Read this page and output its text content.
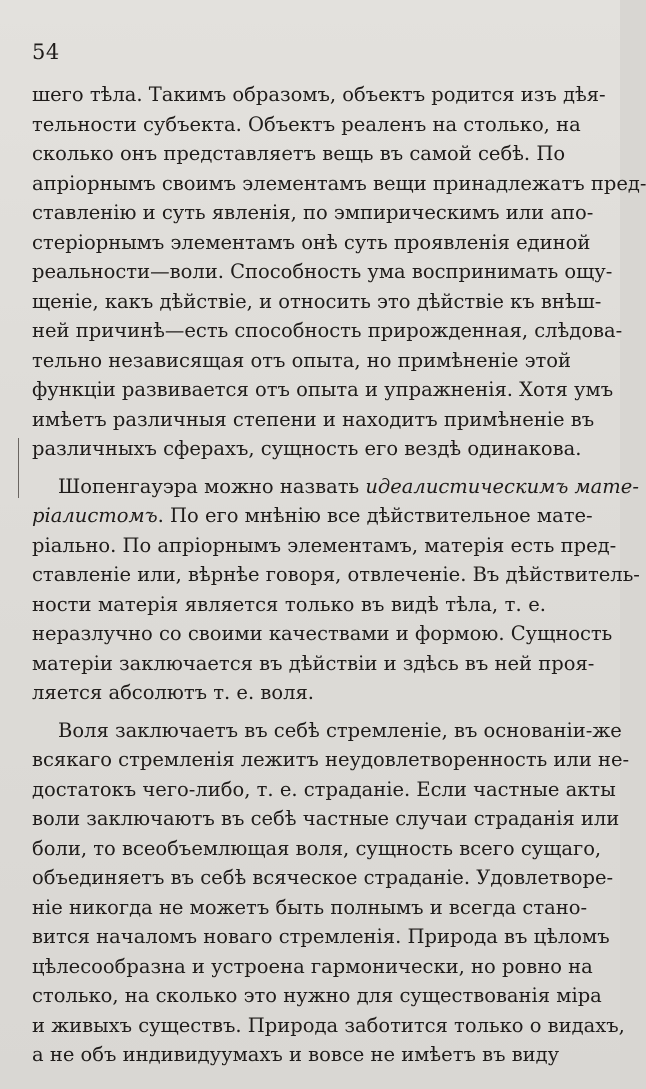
54
шего тѣла. Такимъ образомъ, объектъ родится изъ дѣя-
тельности субъекта. Объектъ реаленъ на столько, на
сколько онъ представляетъ вещь въ самой себѣ. По
апріорнымъ своимъ элементамъ вещи принадлежатъ пред-
ставленію и суть явленія, по эмпирическимъ или апо-
стеріорнымъ элементамъ онѣ суть проявленія единой
реальности—воли. Способность ума воспринимать ощу-
щеніе, какъ дѣйствіе, и относить это дѣйствіе къ внѣш-
ней причинѣ—есть способность прирожденная, слѣдова-
тельно независящая отъ опыта, но примѣненіе этой
функціи развивается отъ опыта и упражненія. Хотя умъ
имѣетъ различныя степени и находитъ примѣненіе въ
различныхъ сферахъ, сущность его вездѣ одинакова.
Шопенгауэра можно назвать идеалистическимъ мате-
ріалистомъ. По его мнѣнію все дѣйствительное мате-
ріально. По апріорнымъ элементамъ, матерія есть пред-
ставленіе или, вѣрнѣе говоря, отвлеченіе. Въ дѣйствитель-
ности матерія является только въ видѣ тѣла, т. е.
неразлучно со своими качествами и формою. Сущность
матеріи заключается въ дѣйствіи и здѣсь въ ней проя-
ляется абсолютъ т. е. воля.
Воля заключаетъ въ себѣ стремленіе, въ основаніи-же
всякаго стремленія лежитъ неудовлетворенность или не-
достатокъ чего-либо, т. е. страданіе. Если частные акты
воли заключаютъ въ себѣ частные случаи страданія или
боли, то всеобъемлющая воля, сущность всего сущаго,
объединяетъ въ себѣ всяческое страданіе. Удовлетворе-
ніе никогда не можетъ быть полнымъ и всегда стано-
вится началомъ новаго стремленія. Природа въ цѣломъ
цѣлесообразна и устроена гармонически, но ровно на
столько, на сколько это нужно для существованія міра
и живыхъ существъ. Природа заботится только о видахъ,
а не объ индивидуумахъ и вовсе не имѣетъ въ виду
